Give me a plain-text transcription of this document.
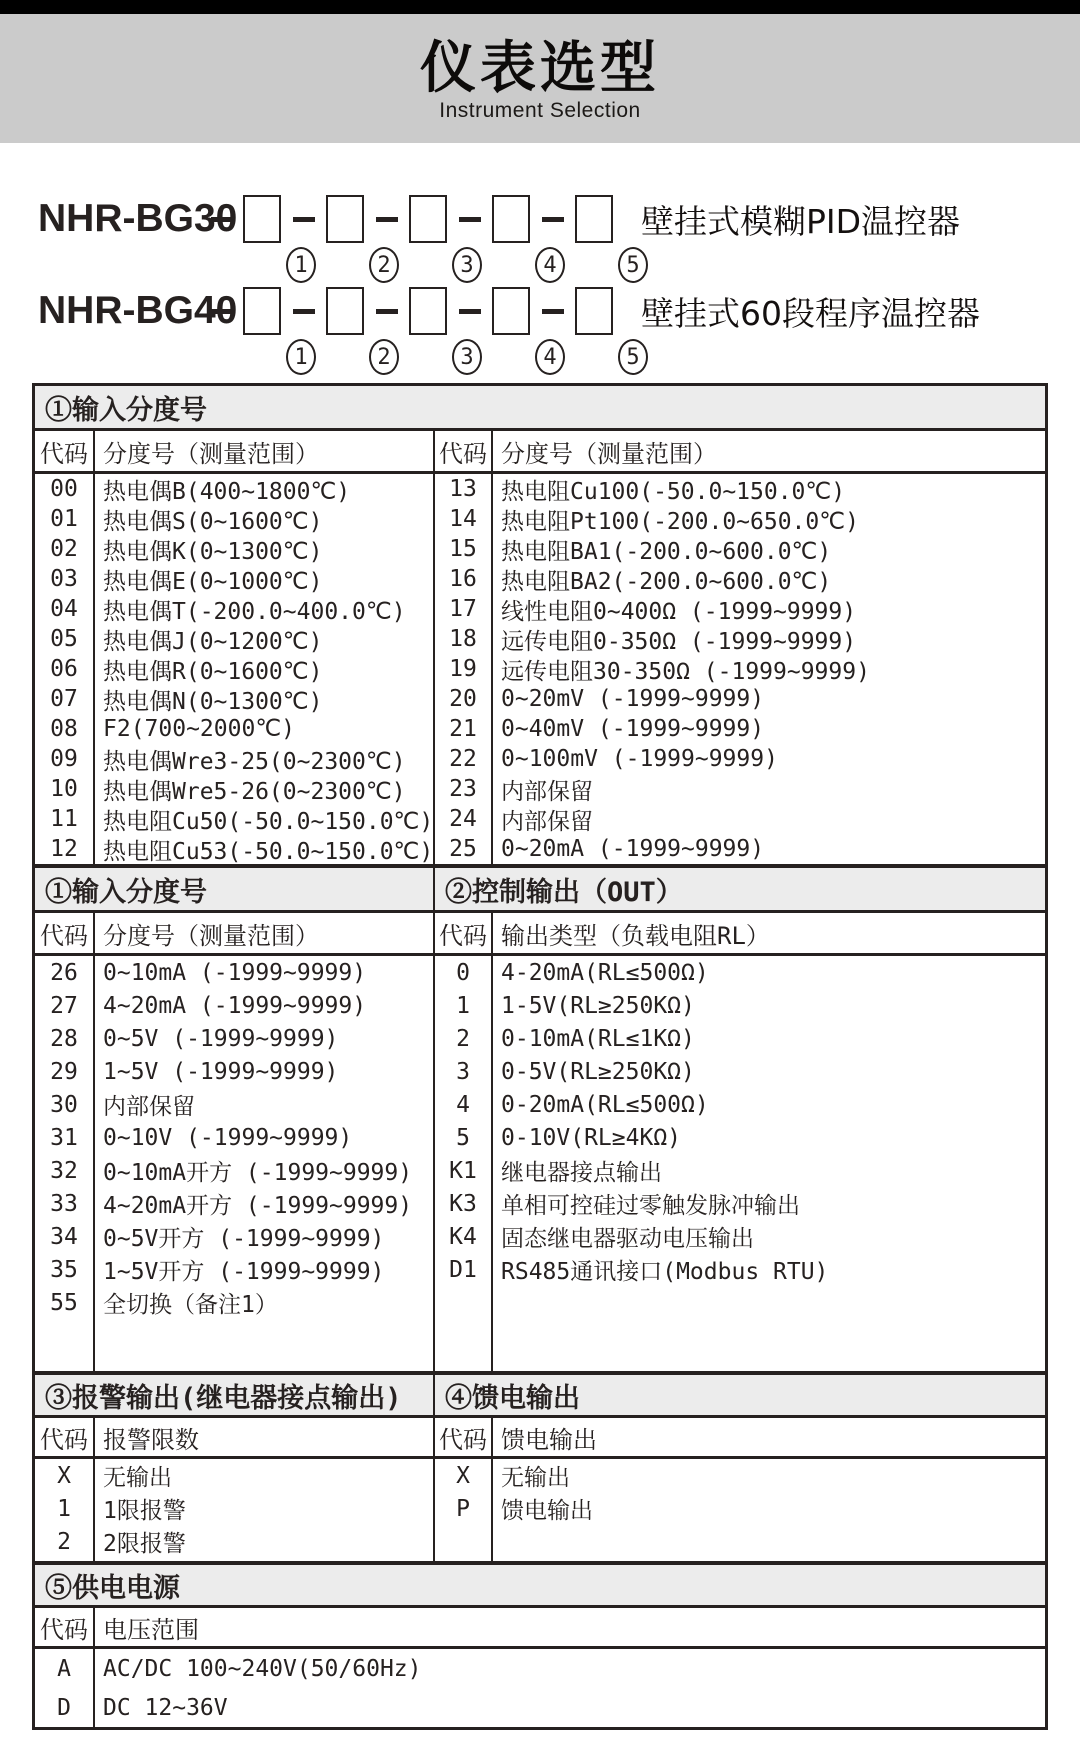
仪表选型
Instrument Selection
NHR-BG30	壁挂式模糊PID温控器
1	2	3	4	5
NHR-BG40	壁挂式60段程序温控器
1	2	3	4	5
①输入分度号
代码 分度号（测量范围）
00	热电偶B(400~1800℃)
01	热电偶S(0~1600℃)
02	热电偶K(0~1300℃)
03	热电偶E(0~1000℃)
04	热电偶T(-200.0~400.0℃)
05	热电偶J(0~1200℃)
06	热电偶R(0~1600℃)
07	热电偶N(0~1300℃)
08	F2(700~2000℃)
09	热电偶Wre3-25(0~2300℃)
10	热电偶Wre5-26(0~2300℃)
11	热电阻Cu50(-50.0~150.0℃)
12	热电阻Cu53(-50.0~150.0℃)
代码 分度号（测量范围）
13	热电阻Cu100(-50.0~150.0℃)
14	热电阻Pt100(-200.0~650.0℃)
15	热电阻BA1(-200.0~600.0℃)
16	热电阻BA2(-200.0~600.0℃)
17	线性电阻0~400Ω (-1999~9999)
18	远传电阻0-350Ω (-1999~9999)
19	远传电阻30-350Ω (-1999~9999)
20	0~20mV (-1999~9999)
21	0~40mV (-1999~9999)
22	0~100mV (-1999~9999)
23	内部保留
24	内部保留
25	0~20mA (-1999~9999)
①输入分度号	②控制输出（OUT）
代码 分度号（测量范围）
26	0~10mA (-1999~9999)
27	4~20mA (-1999~9999)
28	0~5V (-1999~9999)
29	1~5V (-1999~9999)
30	内部保留
31	0~10V (-1999~9999)
32	0~10mA开方 (-1999~9999)
33	4~20mA开方 (-1999~9999)
34	0~5V开方 (-1999~9999)
35	1~5V开方 (-1999~9999)
55	全切换（备注1）
代码 输出类型（负载电阻RL）
0	4-20mA(RL≤500Ω)
1	1-5V(RL≥250KΩ)
2	0-10mA(RL≤1KΩ)
3	0-5V(RL≥250KΩ)
4	0-20mA(RL≤500Ω)
5	0-10V(RL≥4KΩ)
K1	继电器接点输出
K3	单相可控硅过零触发脉冲输出
K4	固态继电器驱动电压输出
D1	RS485通讯接口(Modbus RTU)
③报警输出(继电器接点输出)	④馈电输出
代码 报警限数
X	无输出
1	1限报警
2	2限报警
代码 馈电输出
X	无输出
P	馈电输出
⑤供电电源
代码 电压范围
A	AC/DC 100~240V(50/60Hz)
D	DC 12~36V
